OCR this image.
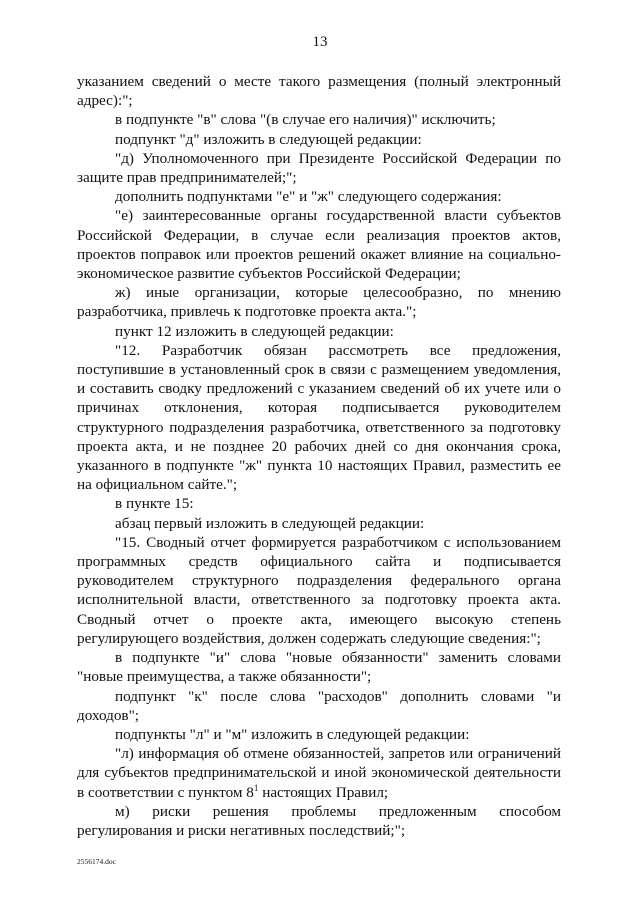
13

указанием сведений о месте такого размещения (полный электронный адрес):";

в подпункте "в" слова "(в случае его наличия)" исключить;

подпункт "д" изложить в следующей редакции:

"д) Уполномоченного при Президенте Российской Федерации по защите прав предпринимателей;";

дополнить подпунктами "е" и "ж" следующего содержания:

"е) заинтересованные органы государственной власти субъектов Российской Федерации, в случае если реализация проектов актов, проектов поправок или проектов решений окажет влияние на социально-экономическое развитие субъектов Российской Федерации;

ж) иные организации, которые целесообразно, по мнению разработчика, привлечь к подготовке проекта акта.";

пункт 12 изложить в следующей редакции:

"12. Разработчик обязан рассмотреть все предложения, поступившие в установленный срок в связи с размещением уведомления, и составить сводку предложений с указанием сведений об их учете или о причинах отклонения, которая подписывается руководителем структурного подразделения разработчика, ответственного за подготовку проекта акта, и не позднее 20 рабочих дней со дня окончания срока, указанного в подпункте "ж" пункта 10 настоящих Правил, разместить ее на официальном сайте.";

в пункте 15:

абзац первый изложить в следующей редакции:

"15. Сводный отчет формируется разработчиком с использованием программных средств официального сайта и подписывается руководителем структурного подразделения федерального органа исполнительной власти, ответственного за подготовку проекта акта. Сводный отчет о проекте акта, имеющего высокую степень регулирующего воздействия, должен содержать следующие сведения:";

в подпункте "и" слова "новые обязанности" заменить словами "новые преимущества, а также обязанности";

подпункт "к" после слова "расходов" дополнить словами "и доходов";

подпункты "л" и "м" изложить в следующей редакции:

"л) информация об отмене обязанностей, запретов или ограничений для субъектов предпринимательской и иной экономической деятельности в соответствии с пунктом $8^1$ настоящих Правил;

м) риски решения проблемы предложенным способом регулирования и риски негативных последствий;";

2556174.doc
